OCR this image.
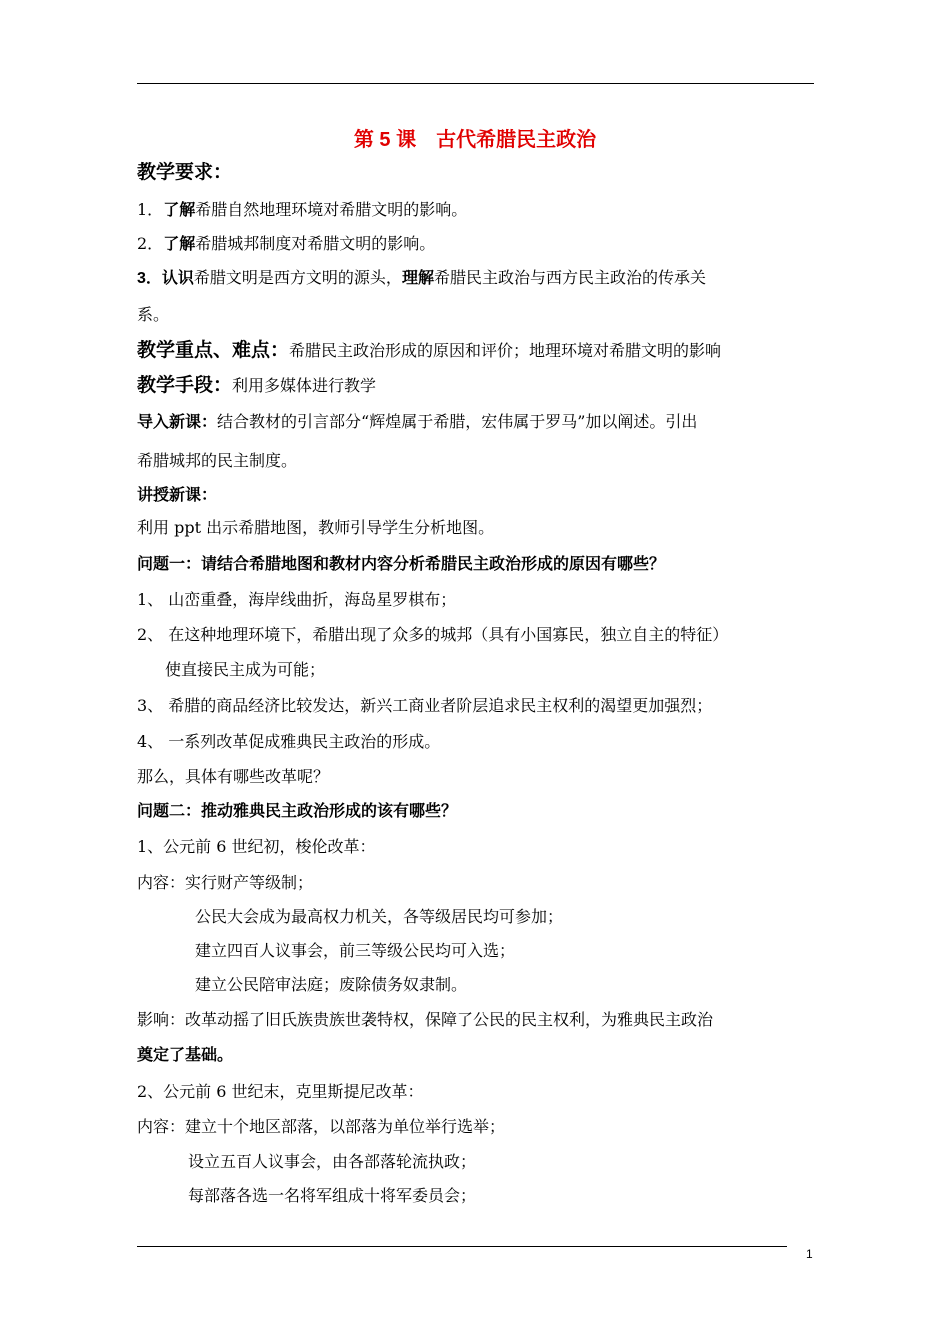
第 5 课　古代希腊民主政治
教学要求：
1．了解希腊自然地理环境对希腊文明的影响。
2．了解希腊城邦制度对希腊文明的影响。
3．认识希腊文明是西方文明的源头，理解希腊民主政治与西方民主政治的传承关
系。
教学重点、难点：希腊民主政治形成的原因和评价；地理环境对希腊文明的影响
教学手段：利用多媒体进行教学
导入新课：结合教材的引言部分“辉煌属于希腊，宏伟属于罗马”加以阐述。引出
希腊城邦的民主制度。
讲授新课：
利用 ppt 出示希腊地图，教师引导学生分析地图。
问题一：请结合希腊地图和教材内容分析希腊民主政治形成的原因有哪些？
1、 山峦重叠，海岸线曲折，海岛星罗棋布；
2、 在这种地理环境下，希腊出现了众多的城邦（具有小国寡民，独立自主的特征）
使直接民主成为可能；
3、 希腊的商品经济比较发达，新兴工商业者阶层追求民主权利的渴望更加强烈；
4、 一系列改革促成雅典民主政治的形成。
那么，具体有哪些改革呢？
问题二：推动雅典民主政治形成的该有哪些？
1、公元前 6 世纪初，梭伦改革：
内容：实行财产等级制；
公民大会成为最高权力机关，各等级居民均可参加；
建立四百人议事会，前三等级公民均可入选；
建立公民陪审法庭；废除债务奴隶制。
影响：改革动摇了旧氏族贵族世袭特权，保障了公民的民主权利，为雅典民主政治
奠定了基础。
2、公元前 6 世纪末，克里斯提尼改革：
内容：建立十个地区部落，以部落为单位举行选举；
设立五百人议事会，由各部落轮流执政；
每部落各选一名将军组成十将军委员会；
1
